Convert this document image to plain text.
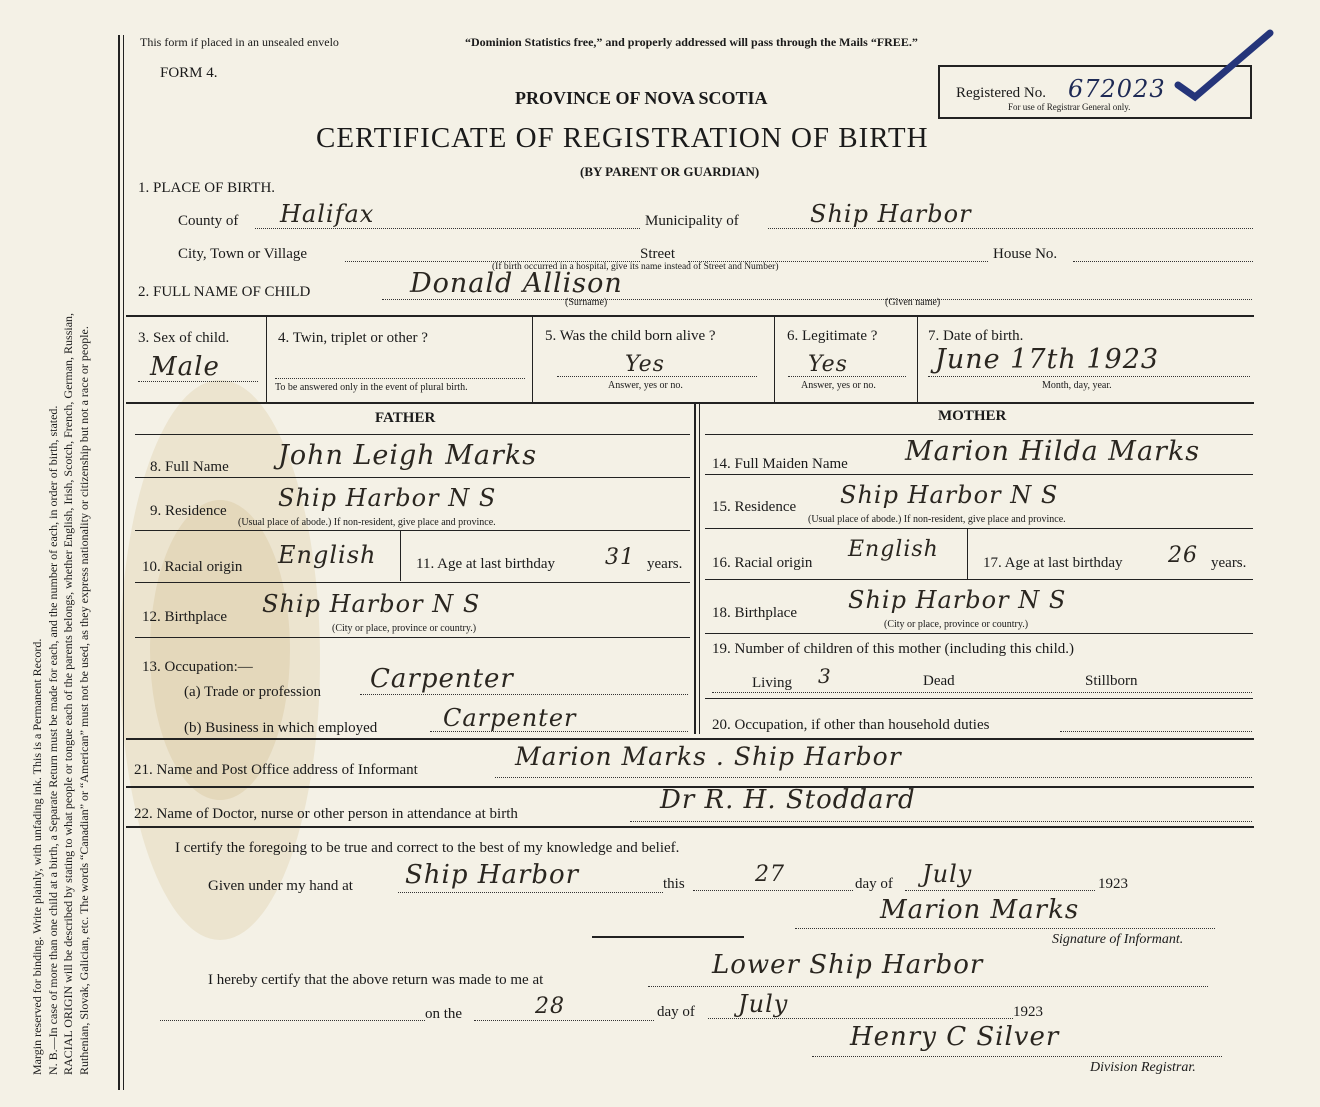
Margin reserved for binding. Write plainly, with unfading ink. This is a Permanent Record. N. B.—In case of more than one child at a birth, a Separate Return must be made for each, and the number of each, in order of birth, stated. RACIAL ORIGIN will be described by stating to what people or tongue each of the parents belongs, whether English, Irish, Scotch, French, German, Russian, Ruthenian, Slovak, Galician, etc. The words “Canadian” or “American” must not be used, as they express nationality or citizenship but not a race or people.
This form if placed in an unsealed envelo	“Dominion Statistics free,” and properly addressed will pass through the Mails “FREE.”
FORM 4.
Registered No. 672023
For use of Registrar General only.
PROVINCE OF NOVA SCOTIA
CERTIFICATE OF REGISTRATION OF BIRTH
(BY PARENT OR GUARDIAN)
1. PLACE OF BIRTH.
County of Halifax	Municipality of	Ship Harbor
City, Town or Village	Street	House No.
(If birth occurred in a hospital, give its name instead of Street and Number)
2. FULL NAME OF CHILD	Donald Allison
(Surname)	(Given name)
3. Sex of child.
Male
4. Twin, triplet or other ?
To be answered only in the event of plural birth.
5. Was the child born alive ?
Yes
Answer, yes or no.
6. Legitimate ?
Yes
Answer, yes or no.
7. Date of birth.
June 17th 1923
Month, day, year.
FATHER	MOTHER
8. Full Name John Leigh Marks
9. Residence Ship Harbor N S
(Usual place of abode.) If non-resident, give place and province.
10. Racial origin English	11. Age at last birthday 31 years.
12. Birthplace Ship Harbor N S
(City or place, province or country.)
13. Occupation:—
(a) Trade or profession Carpenter
(b) Business in which employed	Carpenter
14. Full Maiden Name Marion Hilda Marks
15. Residence Ship Harbor N S
(Usual place of abode.) If non-resident, give place and province.
16. Racial origin
English
17. Age at last birthday 26 years.
18. Birthplace Ship Harbor N S
(City or place, province or country.)
19. Number of children of this mother (including this child.)
Living 3	Dead	Stillborn
20. Occupation, if other than household duties
21. Name and Post Office address of Informant	Marion Marks . Ship Harbor
22. Name of Doctor, nurse or other person in attendance at birth	Dr R. H. Stoddard
I certify the foregoing to be true and correct to the best of my knowledge and belief.
Given under my hand at Ship Harbor	this	27	day of July	1923
Marion Marks
Signature of Informant.
I hereby certify that the above return was made to me at	Lower Ship Harbor
on the	28	day of July	1923
Henry C Silver
Division Registrar.
